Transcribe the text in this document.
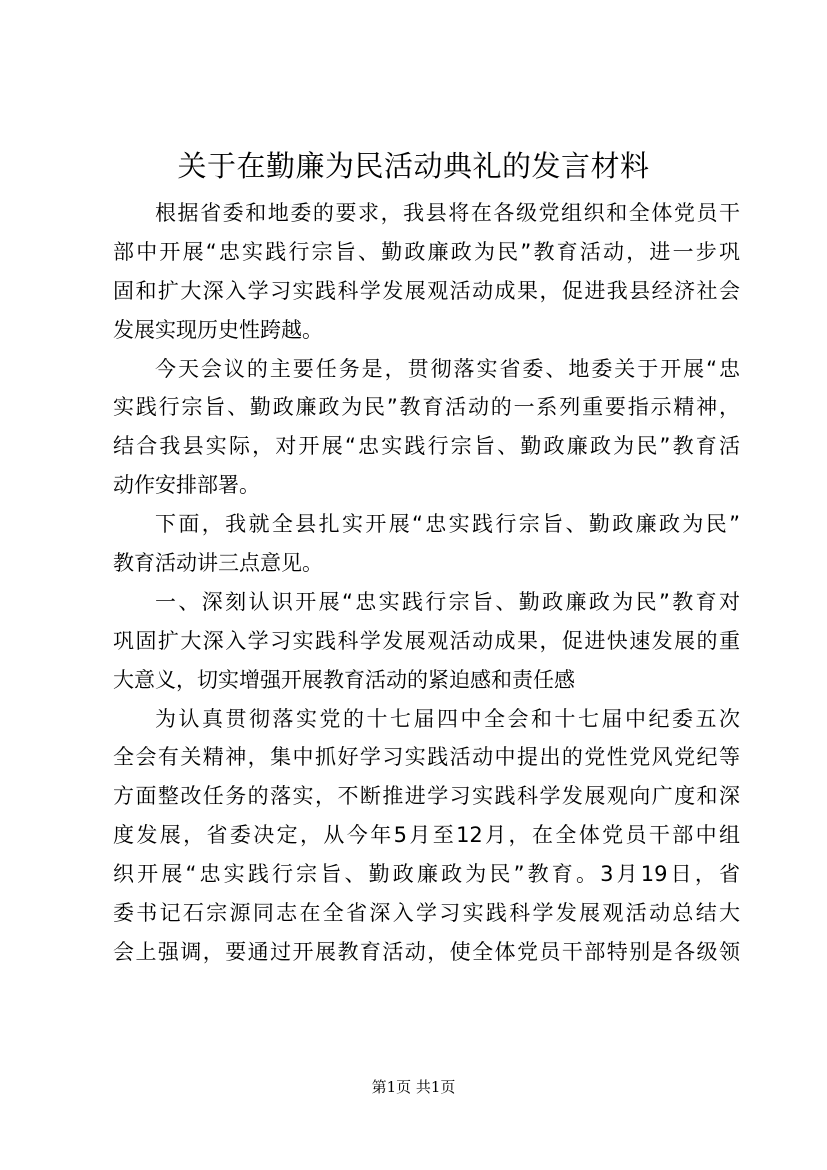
关于在勤廉为民活动典礼的发言材料
根据省委和地委的要求，我县将在各级党组织和全体党员干
部中开展“忠实践行宗旨、勤政廉政为民”教育活动，进一步巩
固和扩大深入学习实践科学发展观活动成果，促进我县经济社会
发展实现历史性跨越。
今天会议的主要任务是，贯彻落实省委、地委关于开展“忠
实践行宗旨、勤政廉政为民”教育活动的一系列重要指示精神，
结合我县实际，对开展“忠实践行宗旨、勤政廉政为民”教育活
动作安排部署。
下面，我就全县扎实开展“忠实践行宗旨、勤政廉政为民”
教育活动讲三点意见。
一、深刻认识开展“忠实践行宗旨、勤政廉政为民”教育对
巩固扩大深入学习实践科学发展观活动成果，促进快速发展的重
大意义，切实增强开展教育活动的紧迫感和责任感
为认真贯彻落实党的十七届四中全会和十七届中纪委五次
全会有关精神，集中抓好学习实践活动中提出的党性党风党纪等
方面整改任务的落实，不断推进学习实践科学发展观向广度和深
度发展，省委决定，从今年5月至12月，在全体党员干部中组
织开展“忠实践行宗旨、勤政廉政为民”教育。3月19日，省
委书记石宗源同志在全省深入学习实践科学发展观活动总结大
会上强调，要通过开展教育活动，使全体党员干部特别是各级领
第1页 共1页
